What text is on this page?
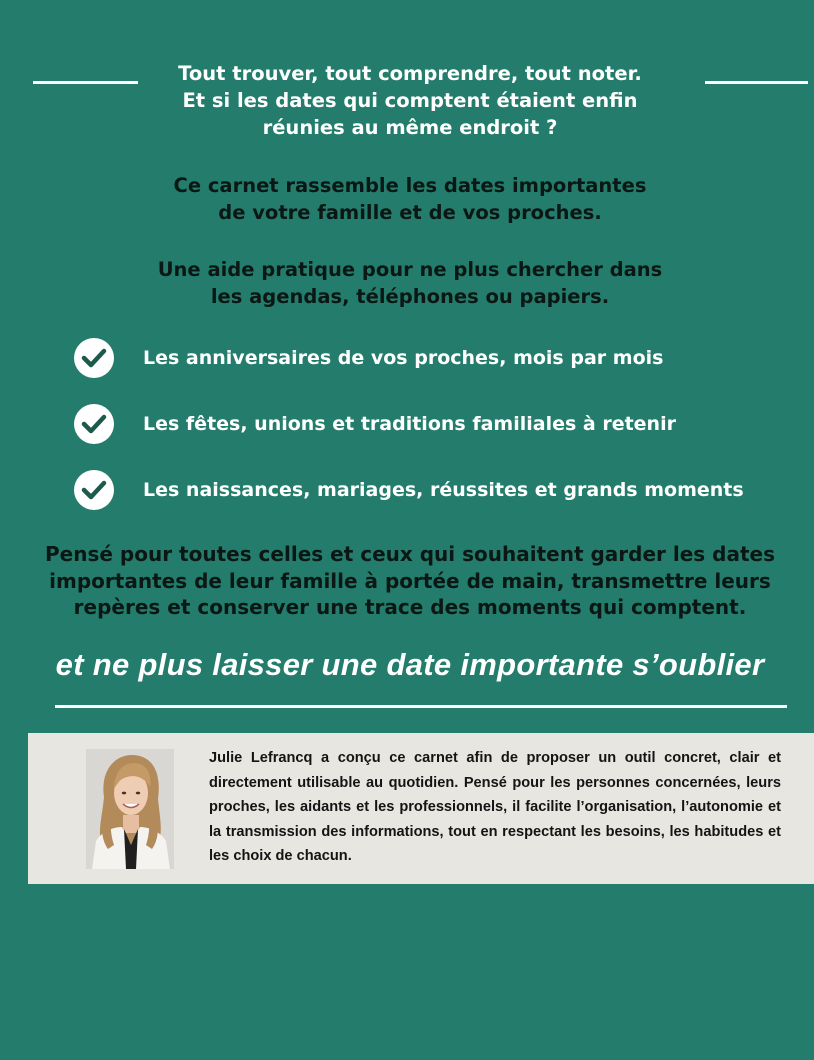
Tout trouver, tout comprendre, tout noter.
Et si les dates qui comptent étaient enfin
réunies au même endroit ?

Ce carnet rassemble les dates importantes
de votre famille et de vos proches.

Une aide pratique pour ne plus chercher dans
les agendas, téléphones ou papiers.

Les anniversaires de vos proches, mois par mois
Les fêtes, unions et traditions familiales à retenir
Les naissances, mariages, réussites et grands moments

Pensé pour toutes celles et ceux qui souhaitent garder les dates
importantes de leur famille à portée de main, transmettre leurs
repères et conserver une trace des moments qui comptent.

et ne plus laisser une date importante s’oublier

Julie Lefrancq a conçu ce carnet afin de proposer un outil concret, clair et directement utilisable au quotidien. Pensé pour les personnes concernées, leurs proches, les aidants et les professionnels, il facilite l’organisation, l’autonomie et la transmission des informations, tout en respectant les besoins, les habitudes et les choix de chacun.
